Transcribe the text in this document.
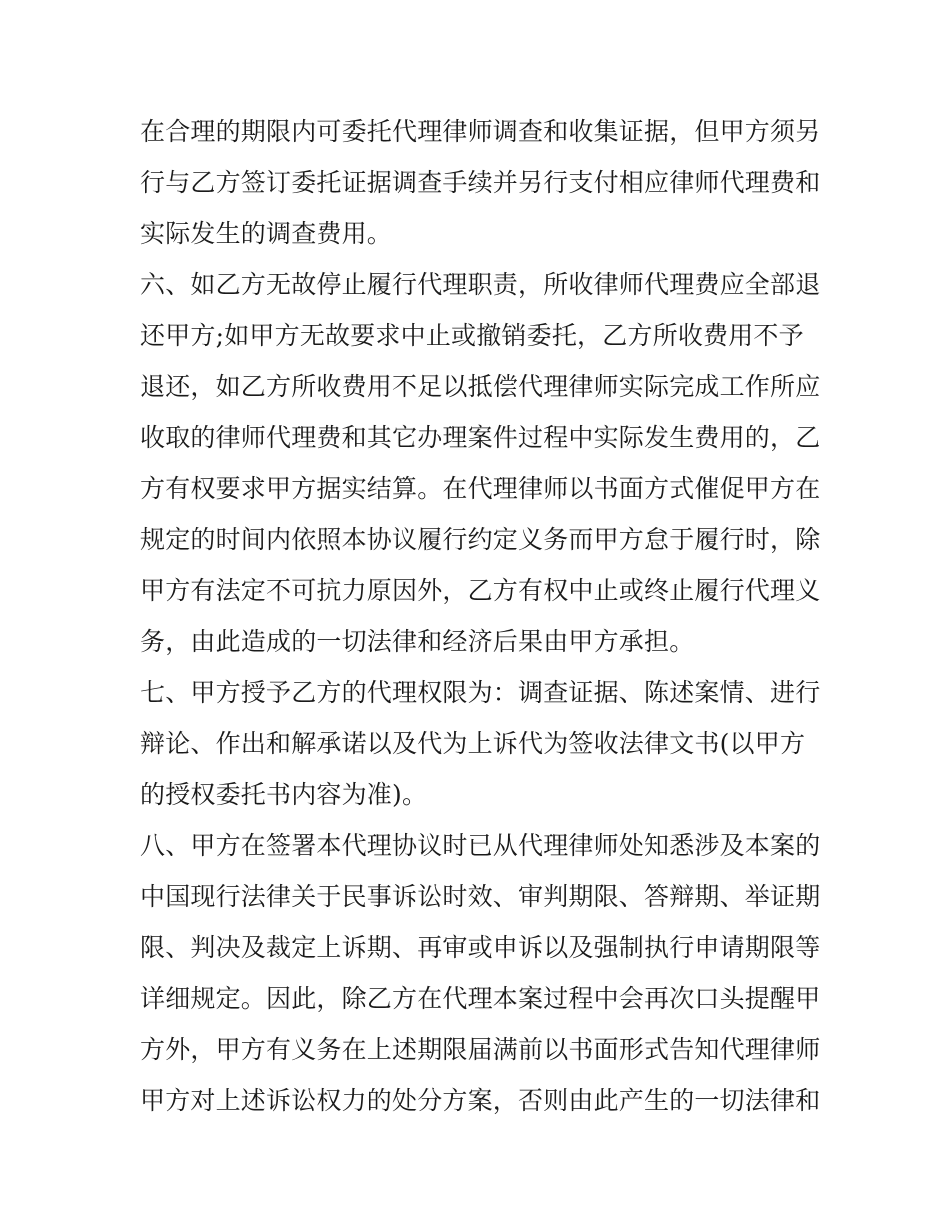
在合理的期限内可委托代理律师调查和收集证据，但甲方须另
行与乙方签订委托证据调查手续并另行支付相应律师代理费和
实际发生的调查费用。
六、如乙方无故停止履行代理职责，所收律师代理费应全部退
还甲方;如甲方无故要求中止或撤销委托，乙方所收费用不予
退还，如乙方所收费用不足以抵偿代理律师实际完成工作所应
收取的律师代理费和其它办理案件过程中实际发生费用的，乙
方有权要求甲方据实结算。在代理律师以书面方式催促甲方在
规定的时间内依照本协议履行约定义务而甲方怠于履行时，除
甲方有法定不可抗力原因外，乙方有权中止或终止履行代理义
务，由此造成的一切法律和经济后果由甲方承担。
七、甲方授予乙方的代理权限为：调查证据、陈述案情、进行
辩论、作出和解承诺以及代为上诉代为签收法律文书(以甲方
的授权委托书内容为准)。
八、甲方在签署本代理协议时已从代理律师处知悉涉及本案的
中国现行法律关于民事诉讼时效、审判期限、答辩期、举证期
限、判决及裁定上诉期、再审或申诉以及强制执行申请期限等
详细规定。因此，除乙方在代理本案过程中会再次口头提醒甲
方外，甲方有义务在上述期限届满前以书面形式告知代理律师
甲方对上述诉讼权力的处分方案，否则由此产生的一切法律和
